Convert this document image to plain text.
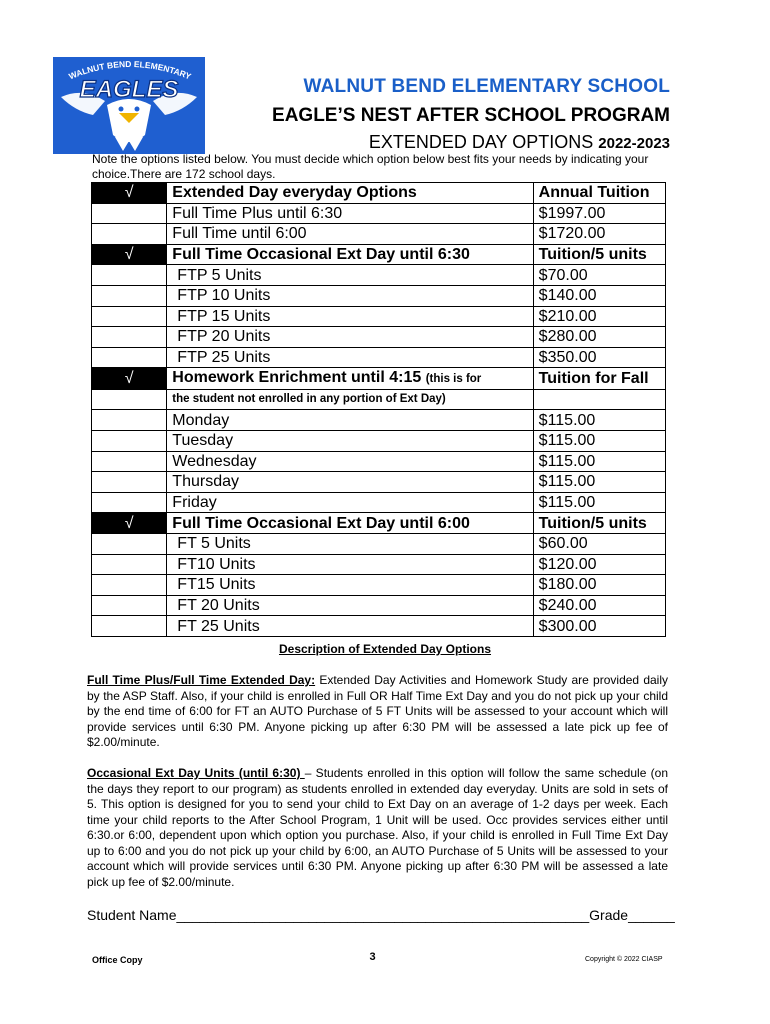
WALNUT BEND ELEMENTARY
EAGLES	WALNUT BEND ELEMENTARY SCHOOL
EAGLE’S NEST AFTER SCHOOL PROGRAM
EXTENDED DAY OPTIONS 2022-2023
Note the options listed below. You must decide which option below best fits your needs by indicating your choice.There are 172 school days.
√	Extended Day everyday Options	Annual Tuition
	Full Time Plus until 6:30	$1997.00
	Full Time until 6:00	$1720.00
√	Full Time Occasional Ext Day until 6:30	Tuition/5 units
	FTP 5 Units	$70.00
	FTP 10 Units	$140.00
	FTP 15 Units	$210.00
	FTP 20 Units	$280.00
	FTP 25 Units	$350.00
√	Homework Enrichment until 4:15 (this is for	Tuition for Fall
	the student not enrolled in any portion of Ext Day)	
	Monday	$115.00
	Tuesday	$115.00
	Wednesday	$115.00
	Thursday	$115.00
	Friday	$115.00
√	Full Time Occasional Ext Day until 6:00	Tuition/5 units
	FT 5 Units	$60.00
	FT10 Units	$120.00
	FT15 Units	$180.00
	FT 20 Units	$240.00
	FT 25 Units	$300.00
Description of Extended Day Options
Full Time Plus/Full Time Extended Day: Extended Day Activities and Homework Study are provided daily by the ASP Staff. Also, if your child is enrolled in Full OR Half Time Ext Day and you do not pick up your child by the end time of 6:00 for FT an AUTO Purchase of 5 FT Units will be assessed to your account which will provide services until 6:30 PM. Anyone picking up after 6:30 PM will be assessed a late pick up fee of $2.00/minute.
Occasional Ext Day Units (until 6:30) – Students enrolled in this option will follow the same schedule (on the days they report to our program) as students enrolled in extended day everyday. Units are sold in sets of 5. This option is designed for you to send your child to Ext Day on an average of 1-2 days per week. Each time your child reports to the After School Program, 1 Unit will be used. Occ provides services either until 6:30.or 6:00, dependent upon which option you purchase. Also, if your child is enrolled in Full Time Ext Day up to 6:00 and you do not pick up your child by 6:00, an AUTO Purchase of 5 Units will be assessed to your account which will provide services until 6:30 PM. Anyone picking up after 6:30 PM will be assessed a late pick up fee of $2.00/minute.
Student Name_____________________________________________________Grade______
Office Copy	3	Copyright © 2022 CIASP
